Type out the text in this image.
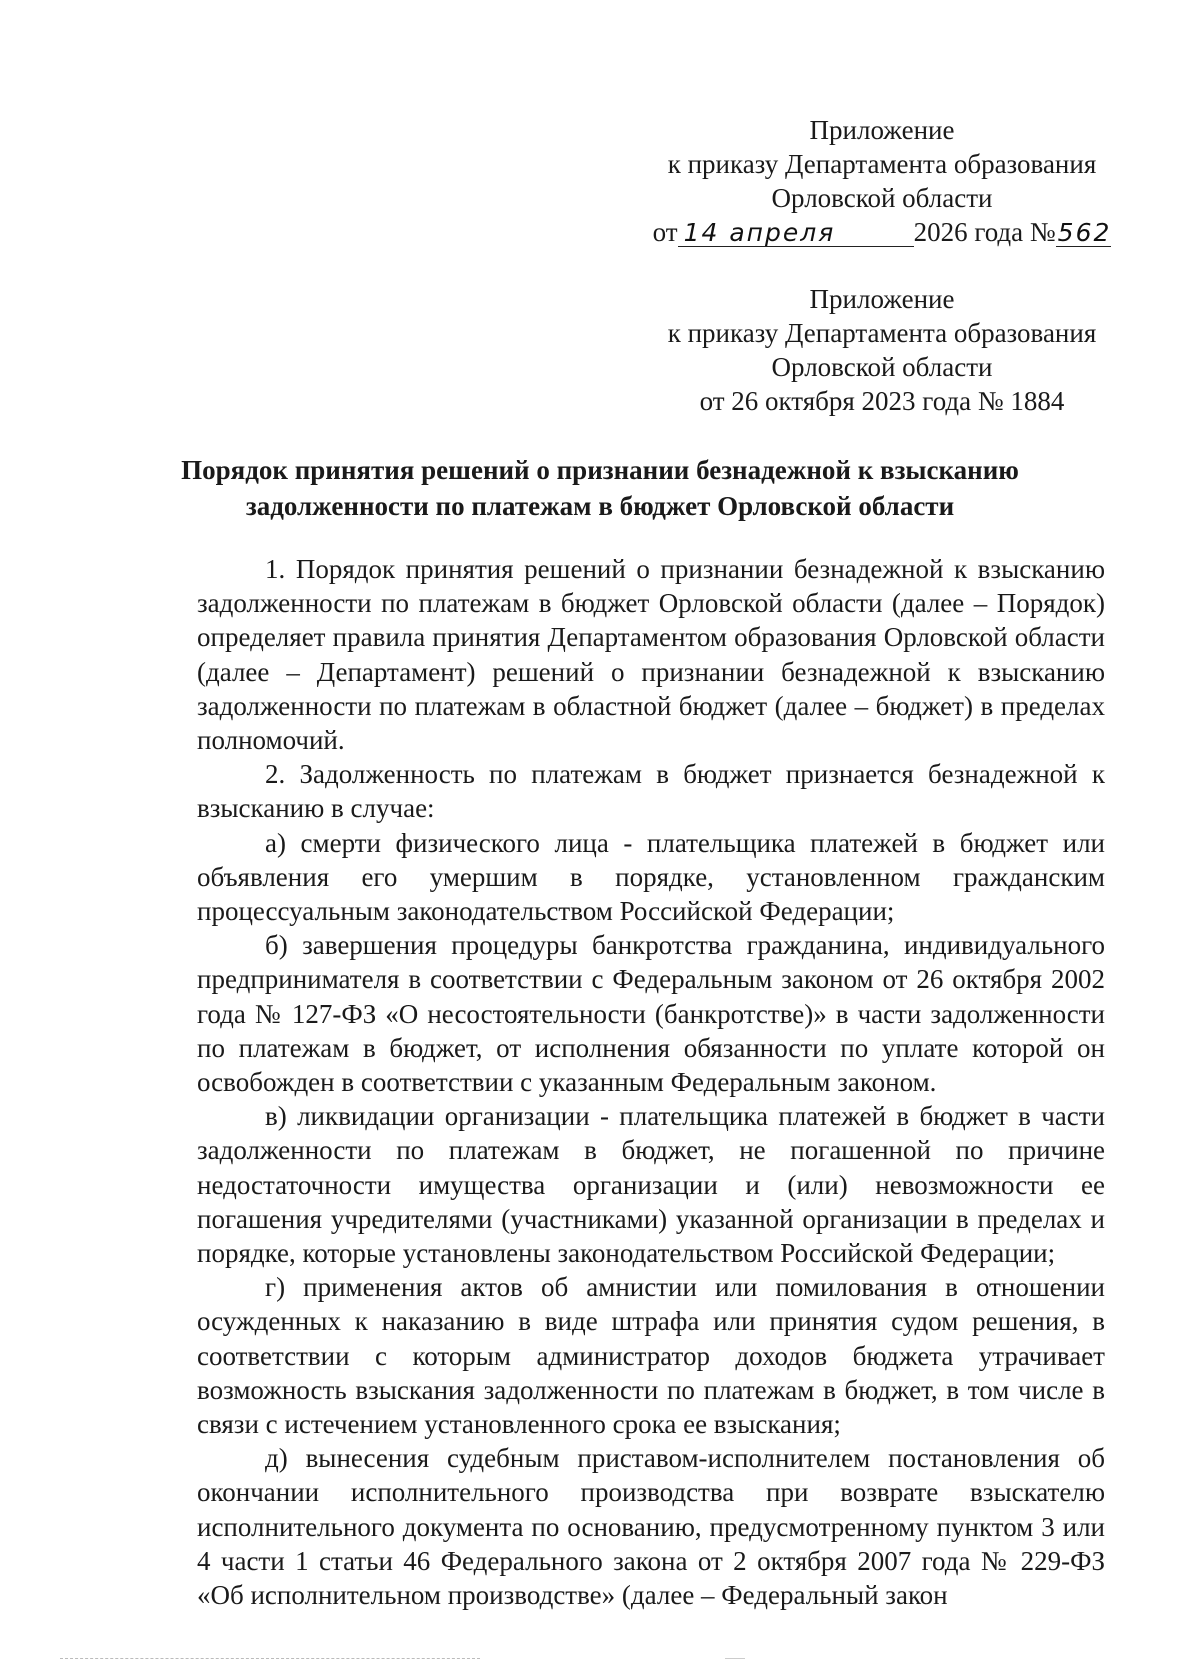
Приложение
к приказу Департамента образования
Орловской области
от 14 апреля	2026 года №562
Приложение
к приказу Департамента образования
Орловской области
от 26 октября 2023 года № 1884
Порядок принятия решений о признании безнадежной к взысканию
задолженности по платежам в бюджет Орловской области

1. Порядок принятия решений о признании безнадежной к взысканию задолженности по платежам в бюджет Орловской области (далее – Порядок) определяет правила принятия Департаментом образования Орловской области (далее – Департамент) решений о признании безнадежной к взысканию задолженности по платежам в областной бюджет (далее – бюджет) в пределах полномочий.

2. Задолженность по платежам в бюджет признается безнадежной к взысканию в случае:

а) смерти физического лица - плательщика платежей в бюджет или объявления его умершим в порядке, установленном гражданским процессуальным законодательством Российской Федерации;

б) завершения процедуры банкротства гражданина, индивидуального предпринимателя в соответствии с Федеральным законом от 26 октября 2002 года № 127-ФЗ «О несостоятельности (банкротстве)» в части задолженности по платежам в бюджет, от исполнения обязанности по уплате которой он освобожден в соответствии с указанным Федеральным законом.

в) ликвидации организации - плательщика платежей в бюджет в части задолженности по платежам в бюджет, не погашенной по причине недостаточности имущества организации и (или) невозможности ее погашения учредителями (участниками) указанной организации в пределах и порядке, которые установлены законодательством Российской Федерации;

г) применения актов об амнистии или помилования в отношении осужденных к наказанию в виде штрафа или принятия судом решения, в соответствии с которым администратор доходов бюджета утрачивает возможность взыскания задолженности по платежам в бюджет, в том числе в связи с истечением установленного срока ее взыскания;

д) вынесения судебным приставом-исполнителем постановления об окончании исполнительного производства при возврате взыскателю исполнительного документа по основанию, предусмотренному пунктом 3 или 4 части 1 статьи 46 Федерального закона от 2 октября 2007 года № 229-ФЗ «Об исполнительном производстве» (далее – Федеральный закон
